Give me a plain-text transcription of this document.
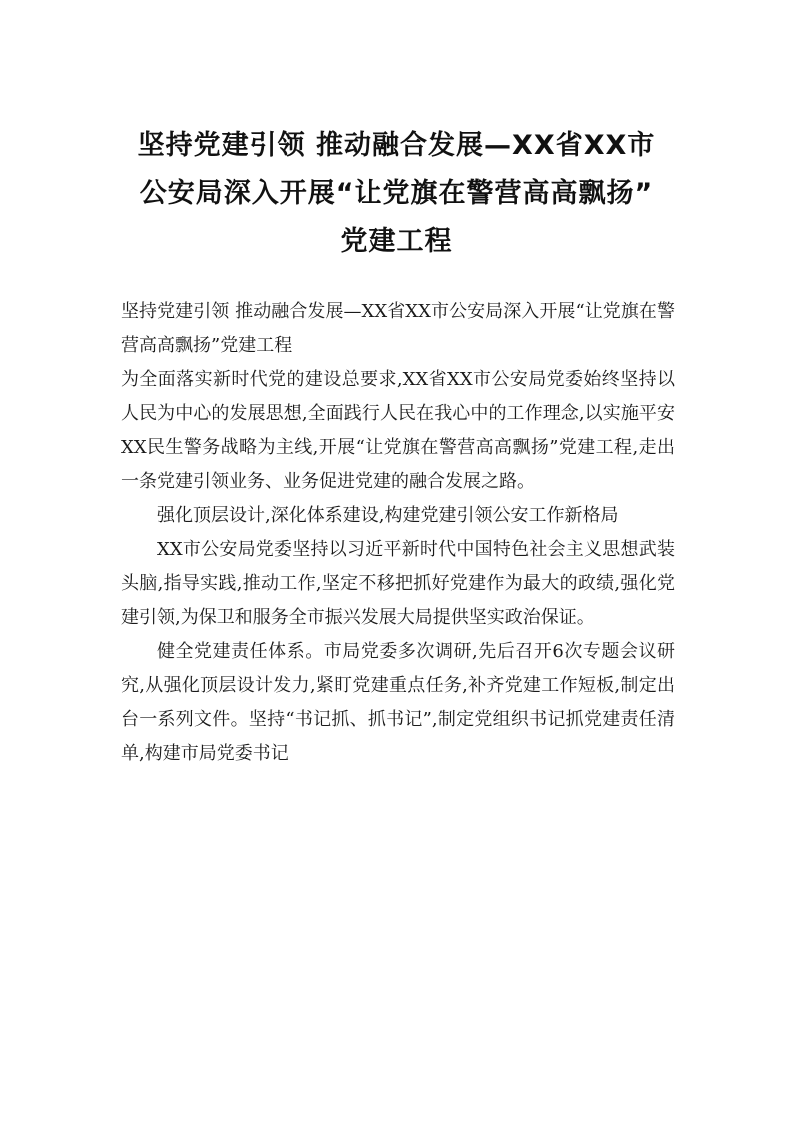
坚持党建引领 推动融合发展—XX省XX市
公安局深入开展“让党旗在警营高高飘扬”
党建工程

坚持党建引领 推动融合发展—XX省XX市公安局深入开展“让党旗在警营高高飘扬”党建工程

为全面落实新时代党的建设总要求,XX省XX市公安局党委始终坚持以人民为中心的发展思想,全面践行人民在我心中的工作理念,以实施平安XX民生警务战略为主线,开展“让党旗在警营高高飘扬”党建工程,走出一条党建引领业务、业务促进党建的融合发展之路。

强化顶层设计,深化体系建设,构建党建引领公安工作新格局

XX市公安局党委坚持以习近平新时代中国特色社会主义思想武装头脑,指导实践,推动工作,坚定不移把抓好党建作为最大的政绩,强化党建引领,为保卫和服务全市振兴发展大局提供坚实政治保证。

健全党建责任体系。市局党委多次调研,先后召开6次专题会议研究,从强化顶层设计发力,紧盯党建重点任务,补齐党建工作短板,制定出台一系列文件。坚持“书记抓、抓书记”,制定党组织书记抓党建责任清单,构建市局党委书记
